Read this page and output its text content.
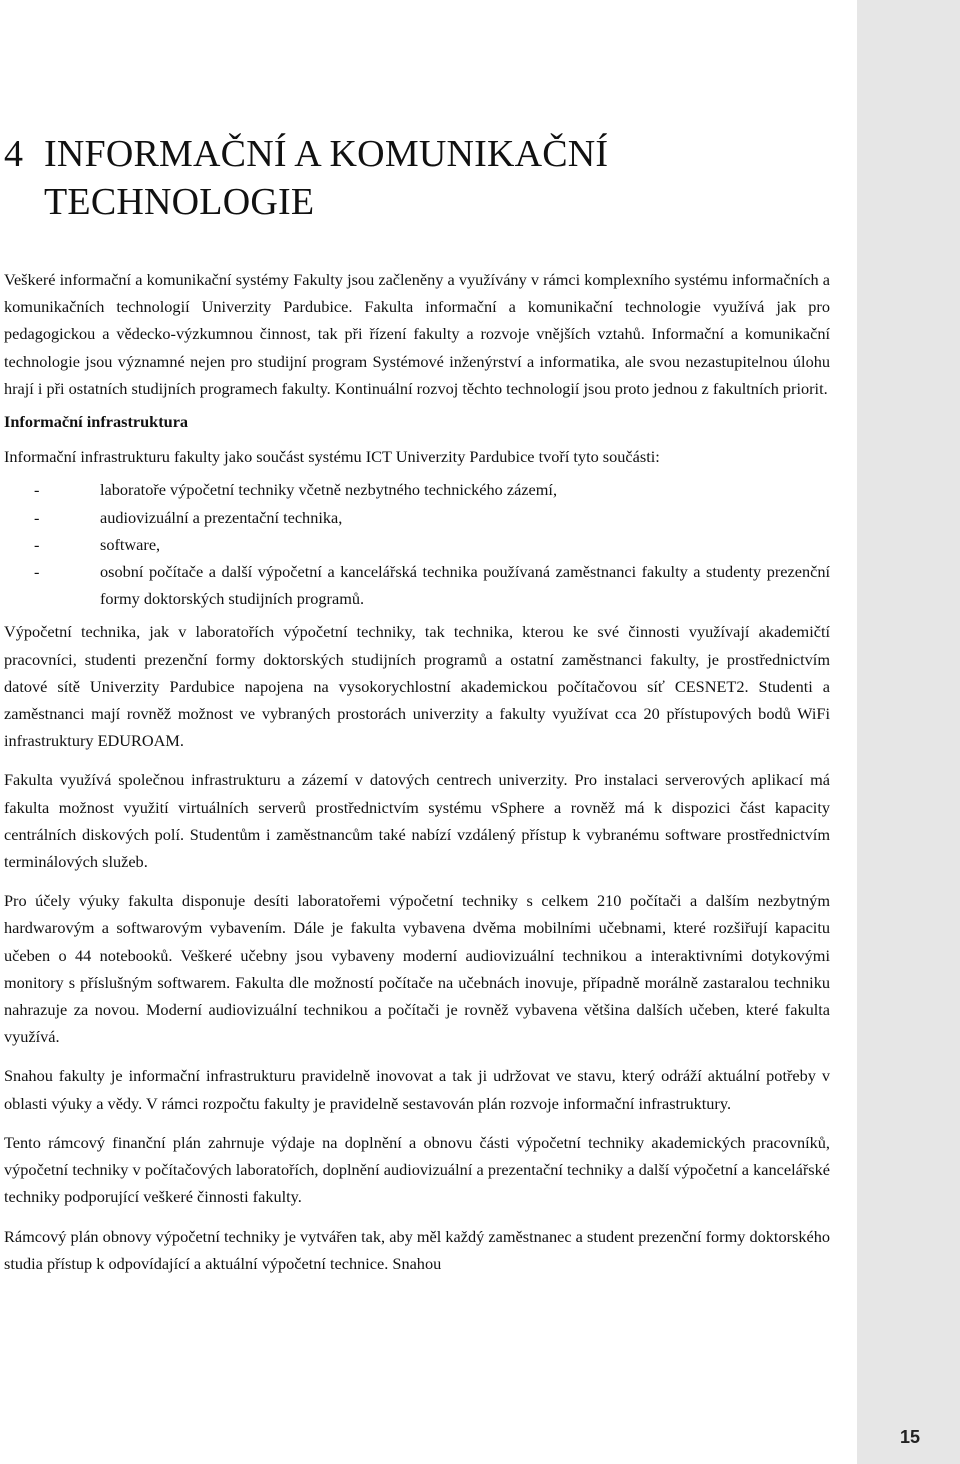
4 INFORMAČNÍ A KOMUNIKAČNÍ TECHNOLOGIE

Veškeré informační a komunikační systémy Fakulty jsou začleněny a využívány v rámci komplexního systému informačních a komunikačních technologií Univerzity Pardubice. Fakulta informační a komunikační technologie využívá jak pro pedagogickou a vědecko-výzkumnou činnost, tak při řízení fakulty a rozvoje vnějších vztahů. Informační a komunikační technologie jsou významné nejen pro studijní program Systémové inženýrství a informatika, ale svou nezastupitelnou úlohu hrají i při ostatních studijních programech fakulty. Kontinuální rozvoj těchto technologií jsou proto jednou z fakultních priorit.

Informační infrastruktura

Informační infrastrukturu fakulty jako součást systému ICT Univerzity Pardubice tvoří tyto součásti:

-	laboratoře výpočetní techniky včetně nezbytného technického zázemí,
-	audiovizuální a prezentační technika,
-	software,
-	osobní počítače a další výpočetní a kancelářská technika používaná zaměstnanci fakulty a studenty prezenční formy doktorských studijních programů.

Výpočetní technika, jak v laboratořích výpočetní techniky, tak technika, kterou ke své činnosti využívají akademičtí pracovníci, studenti prezenční formy doktorských studijních programů a ostatní zaměstnanci fakulty, je prostřednictvím datové sítě Univerzity Pardubice napojena na vysokorychlostní akademickou počítačovou síť CESNET2. Studenti a zaměstnanci mají rovněž možnost ve vybraných prostorách univerzity a fakulty využívat cca 20 přístupových bodů WiFi infrastruktury EDUROAM.

Fakulta využívá společnou infrastrukturu a zázemí v datových centrech univerzity. Pro instalaci serverových aplikací má fakulta možnost využití virtuálních serverů prostřednictvím systému vSphere a rovněž má k dispozici část kapacity centrálních diskových polí. Studentům i zaměstnancům také nabízí vzdálený přístup k vybranému software prostřednictvím terminálových služeb.

Pro účely výuky fakulta disponuje desíti laboratořemi výpočetní techniky s celkem 210 počítači a dalším nezbytným hardwarovým a softwarovým vybavením. Dále je fakulta vybavena dvěma mobilními učebnami, které rozšiřují kapacitu učeben o 44 notebooků. Veškeré učebny jsou vybaveny moderní audiovizuální technikou a interaktivními dotykovými monitory s příslušným softwarem. Fakulta dle možností počítače na učebnách inovuje, případně morálně zastaralou techniku nahrazuje za novou. Moderní audiovizuální technikou a počítači je rovněž vybavena většina dalších učeben, které fakulta využívá.

Snahou fakulty je informační infrastrukturu pravidelně inovovat a tak ji udržovat ve stavu, který odráží aktuální potřeby v oblasti výuky a vědy. V rámci rozpočtu fakulty je pravidelně sestavován plán rozvoje informační infrastruktury.

Tento rámcový finanční plán zahrnuje výdaje na doplnění a obnovu části výpočetní techniky akademických pracovníků, výpočetní techniky v počítačových laboratořích, doplnění audiovizuální a prezentační techniky a další výpočetní a kancelářské techniky podporující veškeré činnosti fakulty.

Rámcový plán obnovy výpočetní techniky je vytvářen tak, aby měl každý zaměstnanec a student prezenční formy doktorského studia přístup k odpovídající a aktuální výpočetní technice. Snahou

15
